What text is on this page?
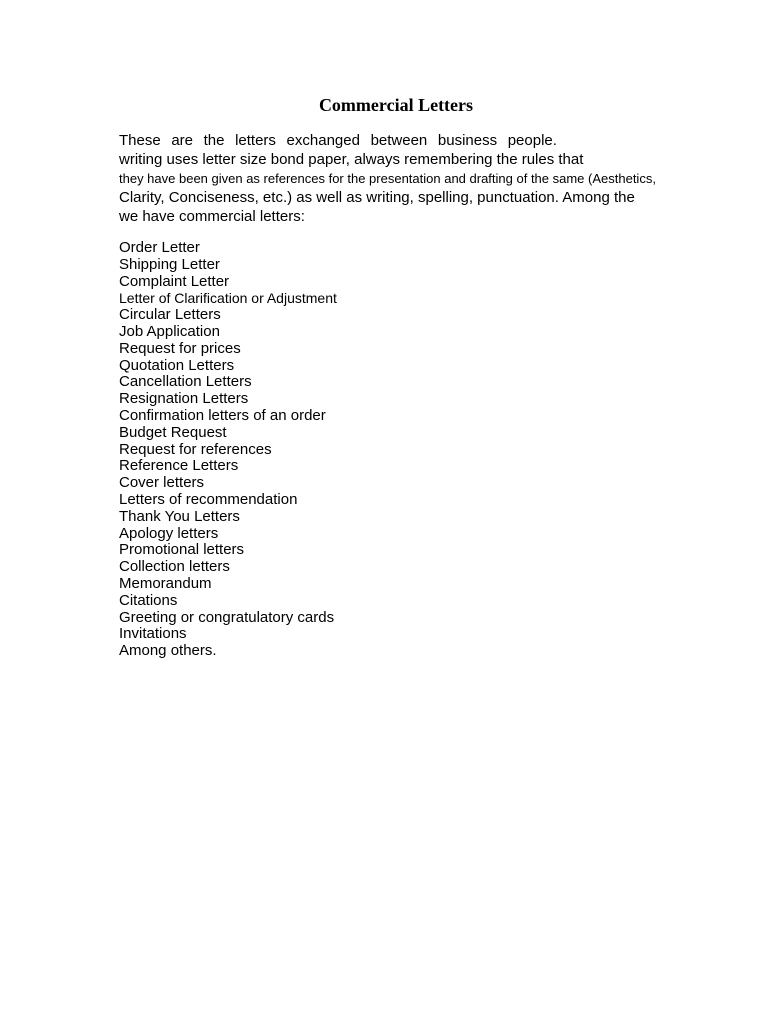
Commercial Letters
These are the letters exchanged between business people.
writing uses letter size bond paper, always remembering the rules that
they have been given as references for the presentation and drafting of the same (Aesthetics,
Clarity, Conciseness, etc.) as well as writing, spelling, punctuation. Among the
we have commercial letters:
Order Letter
Shipping Letter
Complaint Letter
Letter of Clarification or Adjustment
Circular Letters
Job Application
Request for prices
Quotation Letters
Cancellation Letters
Resignation Letters
Confirmation letters of an order
Budget Request
Request for references
Reference Letters
Cover letters
Letters of recommendation
Thank You Letters
Apology letters
Promotional letters
Collection letters
Memorandum
Citations
Greeting or congratulatory cards
Invitations
Among others.
